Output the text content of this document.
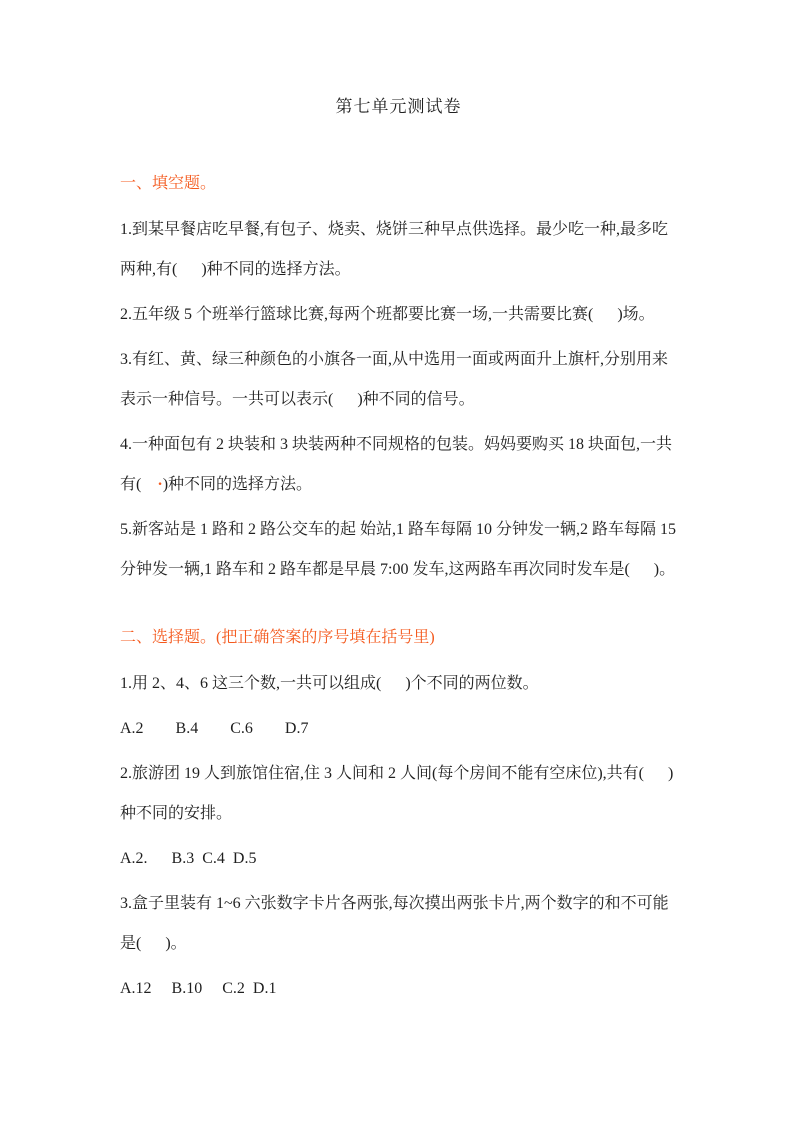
第七单元测试卷

一、填空题。

1.到某早餐店吃早餐,有包子、烧卖、烧饼三种早点供选择。最少吃一种,最多吃两种,有(      )种不同的选择方法。

2.五年级 5 个班举行篮球比赛,每两个班都要比赛一场,一共需要比赛(      )场。

3.有红、黄、绿三种颜色的小旗各一面,从中选用一面或两面升上旗杆,分别用来表示一种信号。一共可以表示(      )种不同的信号。

4.一种面包有 2 块装和 3 块装两种不同规格的包装。妈妈要购买 18 块面包,一共有(    ·)种不同的选择方法。

5.新客站是 1 路和 2 路公交车的起 始站,1 路车每隔 10 分钟发一辆,2 路车每隔 15 分钟发一辆,1 路车和 2 路车都是早晨 7:00 发车,这两路车再次同时发车是(      )。

二、选择题。(把正确答案的序号填在括号里)

1.用 2、4、6 这三个数,一共可以组成(      )个不同的两位数。

A.2        B.4        C.6        D.7

2.旅游团 19 人到旅馆住宿,住 3 人间和 2 人间(每个房间不能有空床位),共有(      )种不同的安排。

A.2.      B.3  C.4  D.5

3.盒子里装有 1~6 六张数字卡片各两张,每次摸出两张卡片,两个数字的和不可能是(      )。

A.12     B.10     C.2  D.1
